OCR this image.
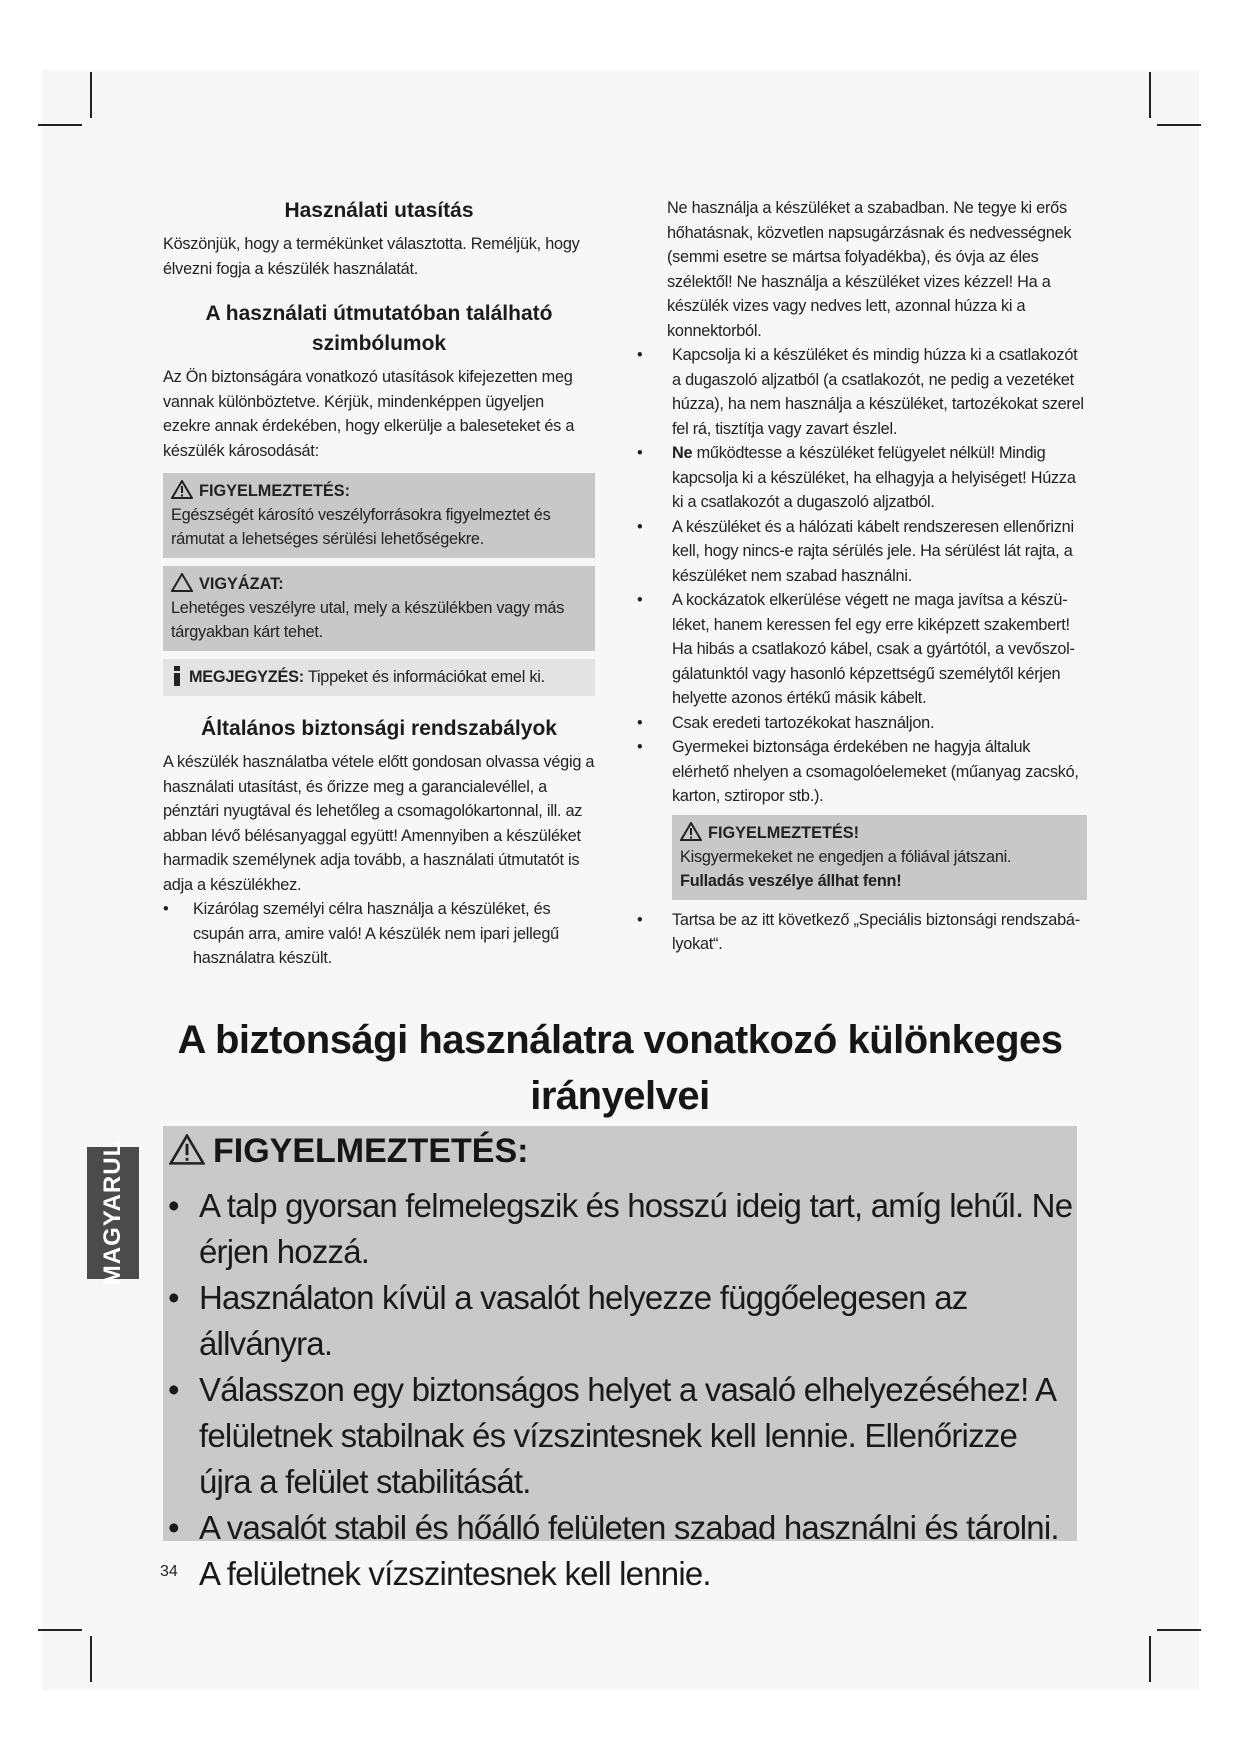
Használati utasítás

Köszönjük, hogy a termékünket választotta. Reméljük, hogy élvezni fogja a készülék használatát.

A használati útmutatóban található szimbólumok

Az Ön biztonságára vonatkozó utasítások kifejezetten meg vannak különböztetve. Kérjük, mindenképpen ügyeljen ezekre annak érdekében, hogy elkerülje a baleseteket és a készülék károsodását:

FIGYELMEZTETÉS:

Egészségét károsító veszélyforrásokra figyelmeztet és rámutat a lehetséges sérülési lehetőségekre.

VIGYÁZAT:

Lehetéges veszélyre utal, mely a készülékben vagy más tárgyakban kárt tehet.

MEGJEGYZÉS: Tippeket és információkat emel ki.

Általános biztonsági rendszabályok

A készülék használatba vétele előtt gondosan olvassa végig a használati utasítást, és őrizze meg a garancialevéllel, a pénztári nyugtával és lehetőleg a csomagolókartonnal, ill. az abban lévő bélésanyaggal együtt! Amennyiben a készüléket harmadik személynek adja tovább, a használati útmutatót is adja a készülékhez.

•	Kizárólag személyi célra használja a készüléket, és csupán arra, amire való! A készülék nem ipari jellegű használatra készült.

Ne használja a készüléket a szabadban. Ne tegye ki erős hőhatásnak, közvetlen napsugárzásnak és nedvességnek (semmi esetre se mártsa folyadékba), és óvja az éles szélektől! Ne használja a készüléket vizes kézzel! Ha a készülék vizes vagy nedves lett, azonnal húzza ki a konnektorból.

•	Kapcsolja ki a készüléket és mindig húzza ki a csatlakozót a dugaszoló aljzatból (a csatlakozót, ne pedig a vezetéket húzza), ha nem használja a készüléket, tartozékokat szerel fel rá, tisztítja vagy zavart észlel.
•	Ne működtesse a készüléket felügyelet nélkül! Mindig kapcsolja ki a készüléket, ha elhagyja a helyiséget! Húzza ki a csatlakozót a dugaszoló aljzatból.
•	A készüléket és a hálózati kábelt rendszeresen ellenőrizni kell, hogy nincs-e rajta sérülés jele. Ha sérülést lát rajta, a készüléket nem szabad használni.
•	A kockázatok elkerülése végett ne maga javítsa a készüléket, hanem keressen fel egy erre kiképzett szakembert! Ha hibás a csatlakozó kábel, csak a gyártótól, a vevőszolgálatunktól vagy hasonló képzettségű személytől kérjen helyette azonos értékű másik kábelt.
•	Csak eredeti tartozékokat használjon.
•	Gyermekei biztonsága érdekében ne hagyja általuk elérhető nhelyen a csomagolóelemeket (műanyag zacskó, karton, sztiropor stb.).
FIGYELMEZTETÉS!

Kisgyermekeket ne engedjen a fóliával játszani. Fulladás veszélye állhat fenn!

•	Tartsa be az itt következő „Speciális biztonsági rendszabályokat“.
A biztonsági használatra vonatkozó különkeges irányelvei
FIGYELMEZTETÉS:
• A talp gyorsan felmelegszik és hosszú ideig tart, amíg lehűl. Ne érjen hozzá.
• Használaton kívül a vasalót helyezze függőelegesen az állványra.
• Válasszon egy biztonságos helyet a vasaló elhelyezéséhez! A felületnek stabilnak és vízszintesnek kell lennie. Ellenőrizze újra a felület stabilitását.
• A vasalót stabil és hőálló felületen szabad használni és tárolni. A felületnek vízszintesnek kell lennie.
MAGYARUL
34
